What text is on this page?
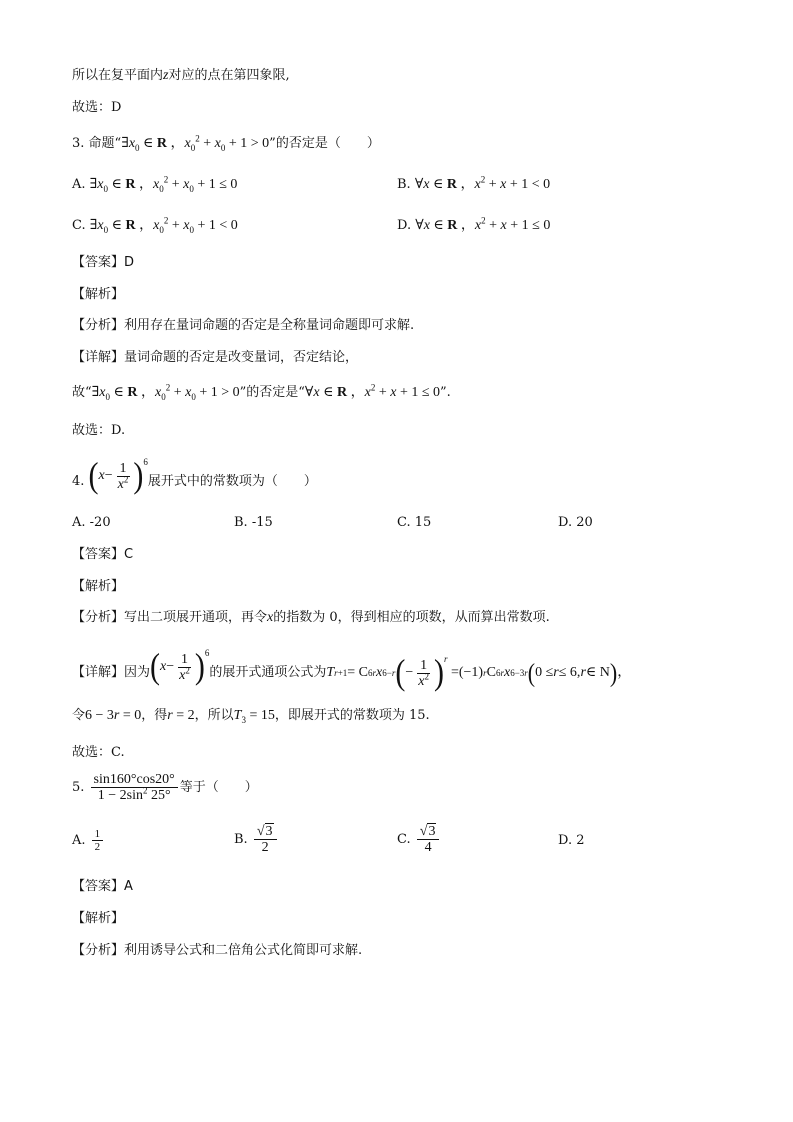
所以在复平面内z对应的点在第四象限,
故选：D
3. 命题“$\exists x_0$ ∈ R ，$x_0^2 + x_0 + 1 > 0$”的否定是（　　）
A. $\exists x_0$ ∈ R ，$x_0^2 + x_0 + 1 \le 0$	B. ∀x ∈ R ，$x^2 + x + 1 < 0$
C. $\exists x_0$ ∈ R ，$x_0^2 + x_0 + 1 < 0$	D. ∀x ∈ R ，$x^2 + x + 1 \le 0$
【答案】D
【解析】
【分析】利用存在量词命题的否定是全称量词命题即可求解.
【详解】量词命题的否定是改变量词，否定结论，
故“$\exists x_0$ ∈ R ，$x_0^2 + x_0 + 1 > 0$”的否定是“∀x ∈ R ，$x^2 + x + 1 \le 0$”.
故选：D.
4. ( $x - \frac{1}{x^2} )^6$
展开式中的常数项为（　　）
A. -20	B. -15	C. 15	D. 20
【答案】C
【解析】
【分析】写出二项展开通项，再令x的指数为 0，得到相应的项数，从而算出常数项.
【详解】因为 ( $x - \frac{1}{x^2} )^6$
的展开式通项公式为 T r+1 = C 6 r x 6−r ( − $\frac{1}{x^2}$ ) $^r$
=(−1) r C 6 r x 6−3r ( 0 ≤ r ≤ 6, r ∈ N ) ，
令6 − 3r = 0，得r = 2，所以$T_3 = 15$，即展开式的常数项为 15.
故选：C.
5. $\frac{\sin 160^\circ\cos 20^\circ}{1 - 2\sin^2 25^\circ}$ 等于（　　）
A. $\frac{1}{2}$	B. $\frac{√3}{2}$	C. $\frac{√3}{4}$	D. 2
【答案】A
【解析】
【分析】利用诱导公式和二倍角公式化简即可求解.
